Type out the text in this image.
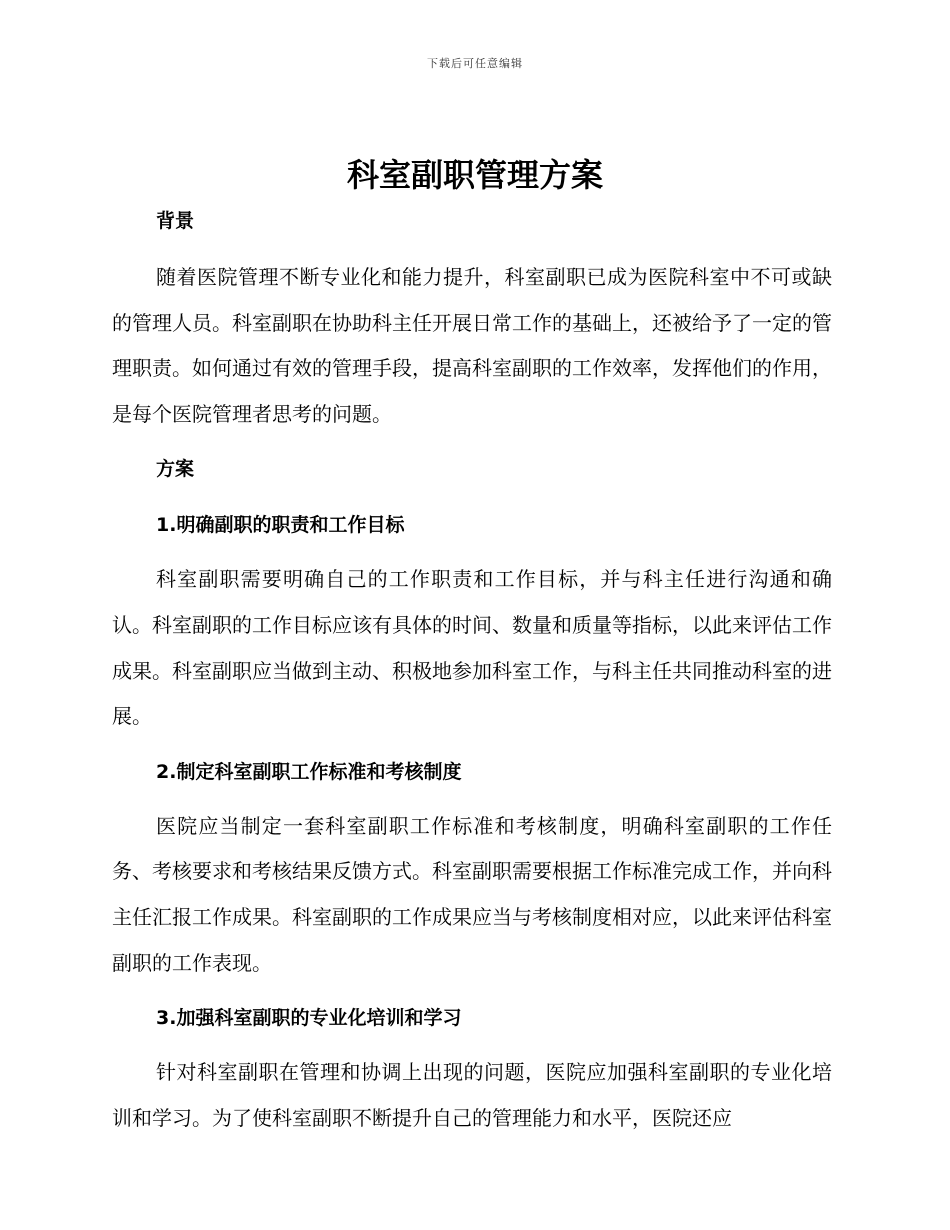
下载后可任意编辑
科室副职管理方案

背景

随着医院管理不断专业化和能力提升，科室副职已成为医院科室中不可或缺的管理人员。科室副职在协助科主任开展日常工作的基础上，还被给予了一定的管理职责。如何通过有效的管理手段，提高科室副职的工作效率，发挥他们的作用，是每个医院管理者思考的问题。

方案

1.明确副职的职责和工作目标

科室副职需要明确自己的工作职责和工作目标，并与科主任进行沟通和确认。科室副职的工作目标应该有具体的时间、数量和质量等指标，以此来评估工作成果。科室副职应当做到主动、积极地参加科室工作，与科主任共同推动科室的进展。

2.制定科室副职工作标准和考核制度

医院应当制定一套科室副职工作标准和考核制度，明确科室副职的工作任务、考核要求和考核结果反馈方式。科室副职需要根据工作标准完成工作，并向科主任汇报工作成果。科室副职的工作成果应当与考核制度相对应，以此来评估科室副职的工作表现。

3.加强科室副职的专业化培训和学习

针对科室副职在管理和协调上出现的问题，医院应加强科室副职的专业化培训和学习。为了使科室副职不断提升自己的管理能力和水平，医院还应
